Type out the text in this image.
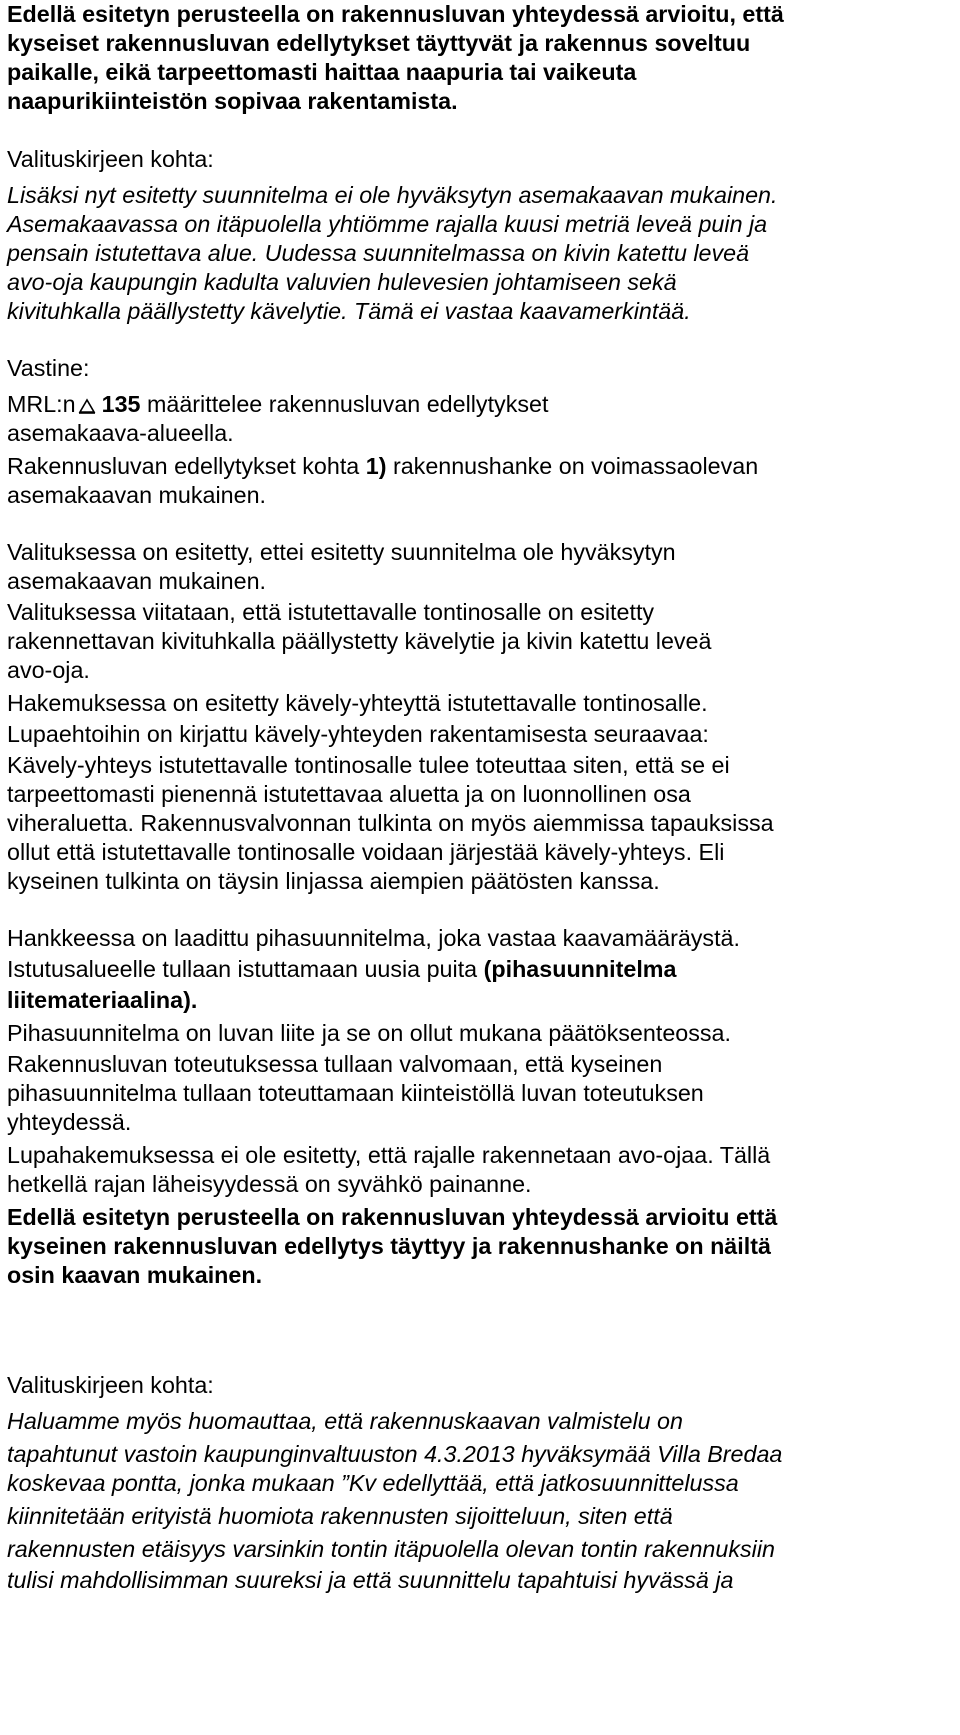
Edellä esitetyn perusteella on rakennusluvan yhteydessä arvioitu, että
kyseiset rakennusluvan edellytykset täyttyvät ja rakennus soveltuu
paikalle, eikä tarpeettomasti haittaa naapuria tai vaikeuta
naapurikiinteistön sopivaa rakentamista.
Valituskirjeen kohta:
Lisäksi nyt esitetty suunnitelma ei ole hyväksytyn asemakaavan mukainen.
Asemakaavassa on itäpuolella yhtiömme rajalla kuusi metriä leveä puin ja
pensain istutettava alue. Uudessa suunnitelmassa on kivin katettu leveä
avo-oja kaupungin kadulta valuvien hulevesien johtamiseen sekä
kivituhkalla päällystetty kävelytie. Tämä ei vastaa kaavamerkintää.
Vastine:
MRL:n 135 määrittelee rakennusluvan edellytykset
asemakaava-alueella.
Rakennusluvan edellytykset kohta 1) rakennushanke on voimassaolevan
asemakaavan mukainen.
Valituksessa on esitetty, ettei esitetty suunnitelma ole hyväksytyn
asemakaavan mukainen.
Valituksessa viitataan, että istutettavalle tontinosalle on esitetty
rakennettavan kivituhkalla päällystetty kävelytie ja kivin katettu leveä
avo-oja.
Hakemuksessa on esitetty kävely-yhteyttä istutettavalle tontinosalle.
Lupaehtoihin on kirjattu kävely-yhteyden rakentamisesta seuraavaa:
Kävely-yhteys istutettavalle tontinosalle tulee toteuttaa siten, että se ei
tarpeettomasti pienennä istutettavaa aluetta ja on luonnollinen osa
viheraluetta. Rakennusvalvonnan tulkinta on myös aiemmissa tapauksissa
ollut että istutettavalle tontinosalle voidaan järjestää kävely-yhteys. Eli
kyseinen tulkinta on täysin linjassa aiempien päätösten kanssa.
Hankkeessa on laadittu pihasuunnitelma, joka vastaa kaavamääräystä.
Istutusalueelle tullaan istuttamaan uusia puita (pihasuunnitelma
liitemateriaalina).
Pihasuunnitelma on luvan liite ja se on ollut mukana päätöksenteossa.
Rakennusluvan toteutuksessa tullaan valvomaan, että kyseinen
pihasuunnitelma tullaan toteuttamaan kiinteistöllä luvan toteutuksen
yhteydessä.
Lupahakemuksessa ei ole esitetty, että rajalle rakennetaan avo-ojaa. Tällä
hetkellä rajan läheisyydessä on syvähkö painanne.
Edellä esitetyn perusteella on rakennusluvan yhteydessä arvioitu että
kyseinen rakennusluvan edellytys täyttyy ja rakennushanke on näiltä
osin kaavan mukainen.
Valituskirjeen kohta:
Haluamme myös huomauttaa, että rakennuskaavan valmistelu on
tapahtunut vastoin kaupunginvaltuuston 4.3.2013 hyväksymää Villa Bredaa
koskevaa pontta, jonka mukaan ”Kv edellyttää, että jatkosuunnittelussa
kiinnitetään erityistä huomiota rakennusten sijoitteluun, siten että
rakennusten etäisyys varsinkin tontin itäpuolella olevan tontin rakennuksiin
tulisi mahdollisimman suureksi ja että suunnittelu tapahtuisi hyvässä ja
